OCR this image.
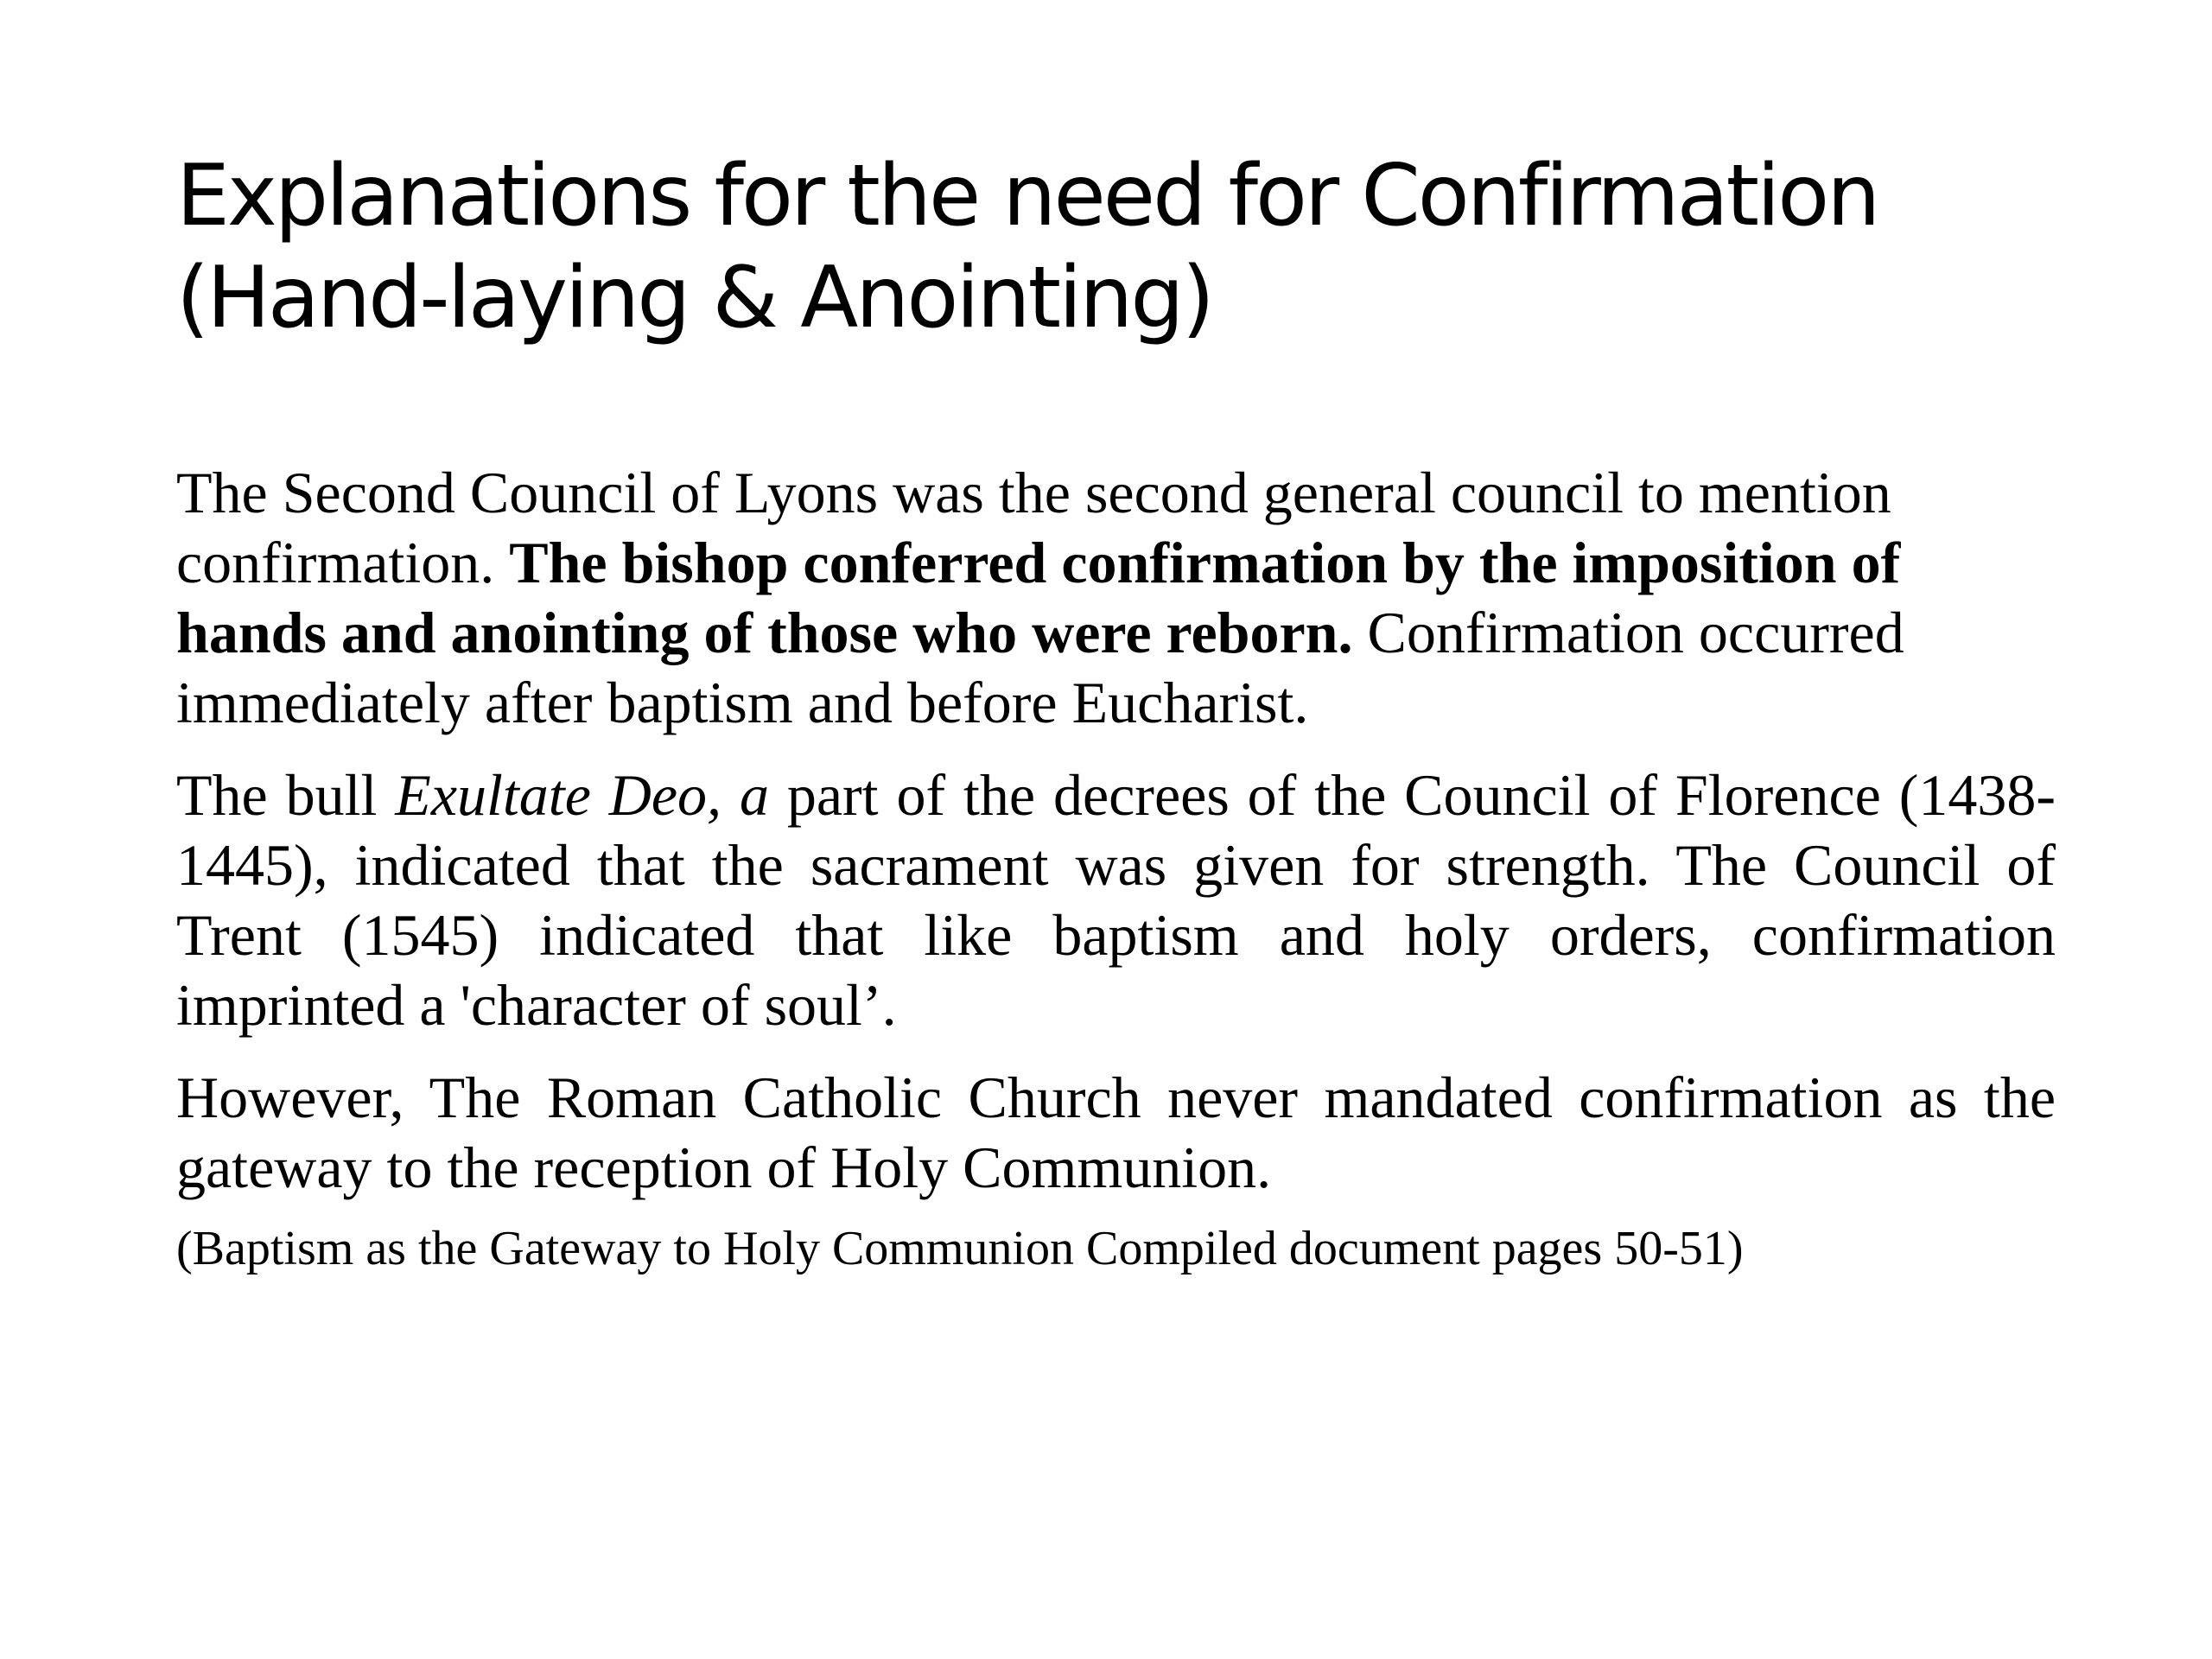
Explanations for the need for Confirmation
(Hand-laying & Anointing)

The Second Council of Lyons was the second general council to mention confirmation. The bishop conferred confirmation by the imposition of hands and anointing of those who were reborn. Confirmation occurred immediately after baptism and before Eucharist.

The bull Exultate Deo, a part of the decrees of the Council of Florence (1438-1445), indicated that the sacrament was given for strength. The Council of Trent (1545) indicated that like baptism and holy orders, confirmation imprinted a 'character of soul’.

However, The Roman Catholic Church never mandated confirmation as the gateway to the reception of Holy Communion.

(Baptism as the Gateway to Holy Communion Compiled document pages 50-51)
